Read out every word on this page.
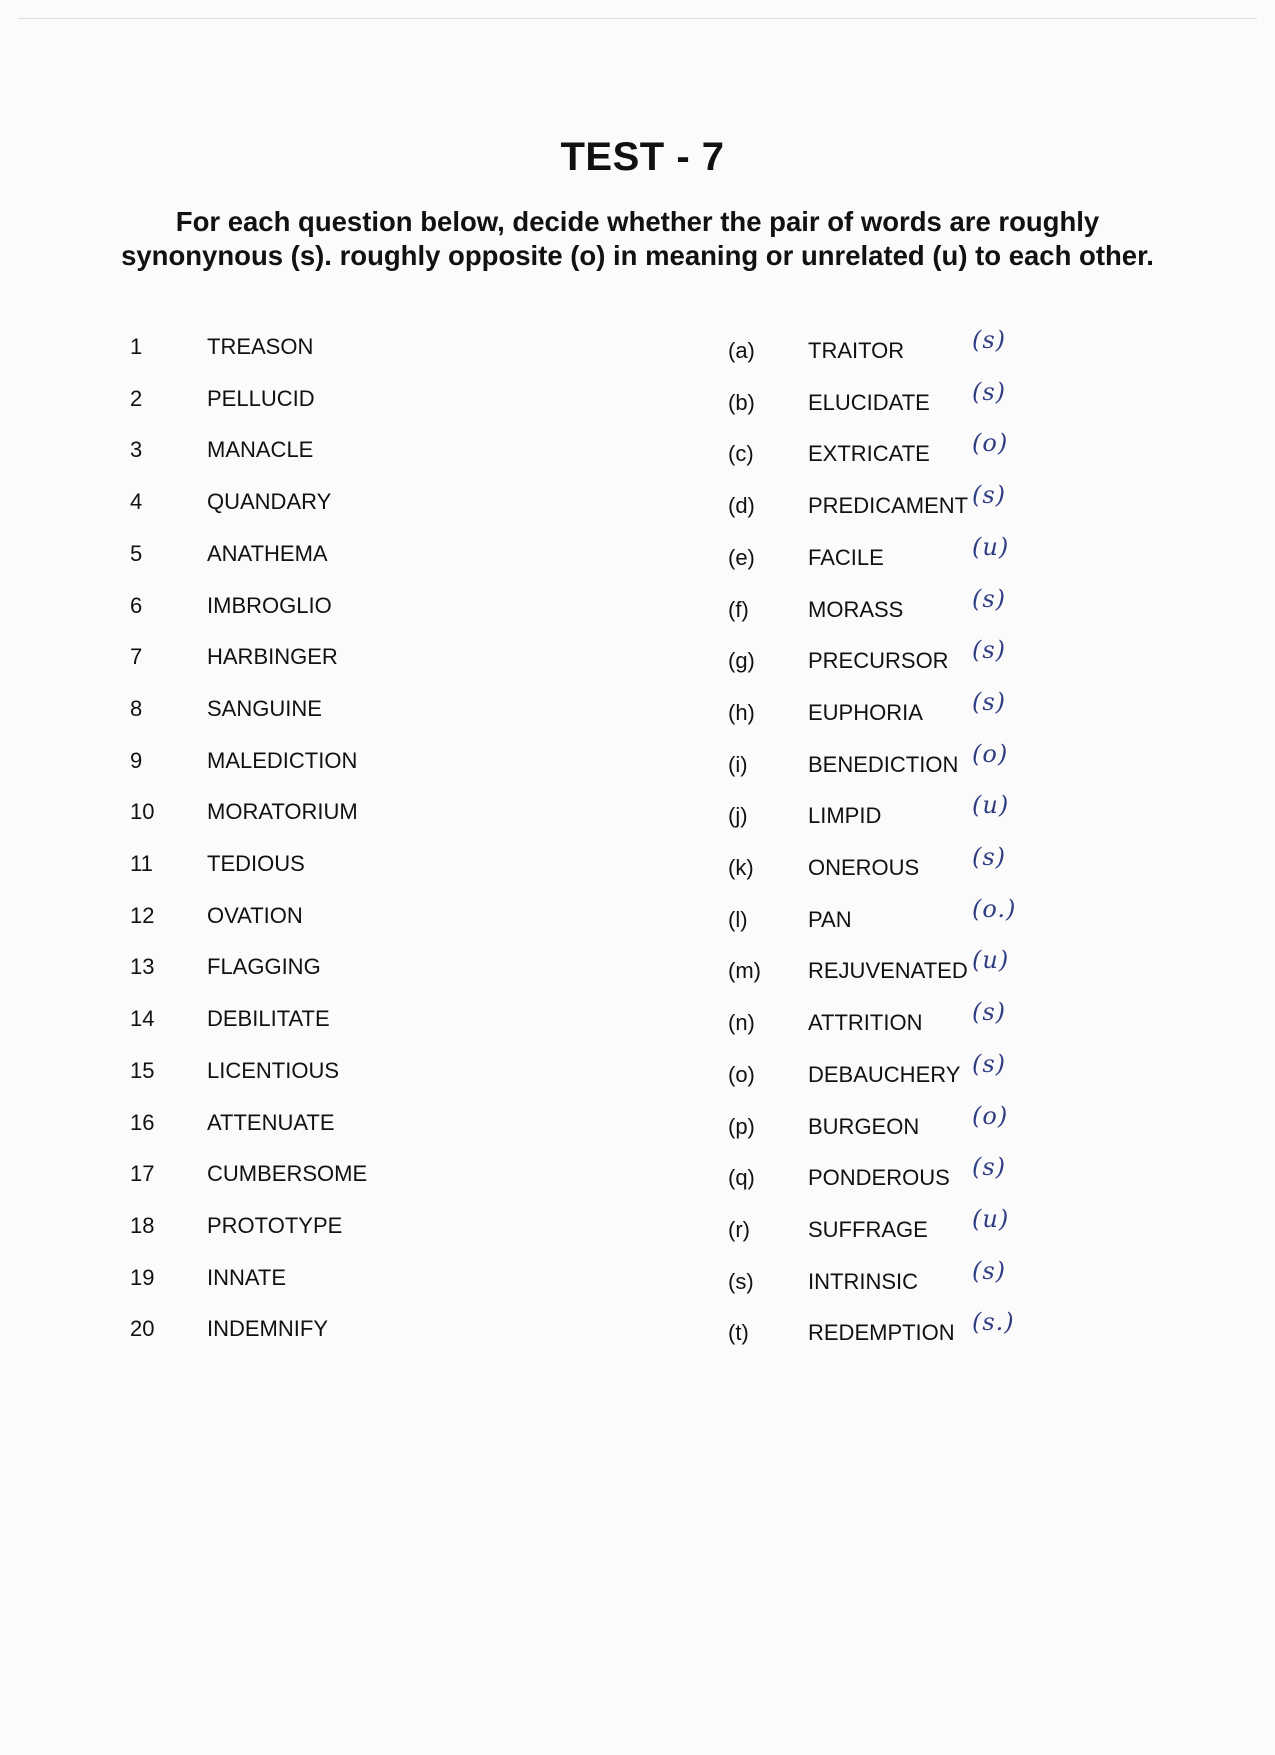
TEST - 7
For each question below, decide whether the pair of words are roughly synonynous (s). roughly opposite (o) in meaning or unrelated (u) to each other.
1	TREASON	(a) TRAITOR	(s)
2	PELLUCID	(b) ELUCIDATE (s)
3	MANACLE	(c) EXTRICATE (o)
4	QUANDARY	(d) PREDICAMENT (s)
5	ANATHEMA	(e) FACILE	(u)
6	IMBROGLIO	(f)	MORASS	(s)
7	HARBINGER	(g) PRECURSOR (s)
8	SANGUINE	(h) EUPHORIA (s)
9	MALEDICTION	(i)	BENEDICTION (o)
10 MORATORIUM	(j)	LIMPID	(u)
11 TEDIOUS	(k) ONEROUS (s)
12 OVATION	(l)	PAN	(o.)
13 FLAGGING	(m) REJUVENATED (u)
14 DEBILITATE	(n) ATTRITION (s)
15 LICENTIOUS	(o) DEBAUCHERY (s)
16 ATTENUATE	(p) BURGEON (o)
17 CUMBERSOME	(q) PONDEROUS (s)
18 PROTOTYPE	(r)	SUFFRAGE (u)
19 INNATE	(s) INTRINSIC (s)
20 INDEMNIFY	(t)	REDEMPTION (s.)
